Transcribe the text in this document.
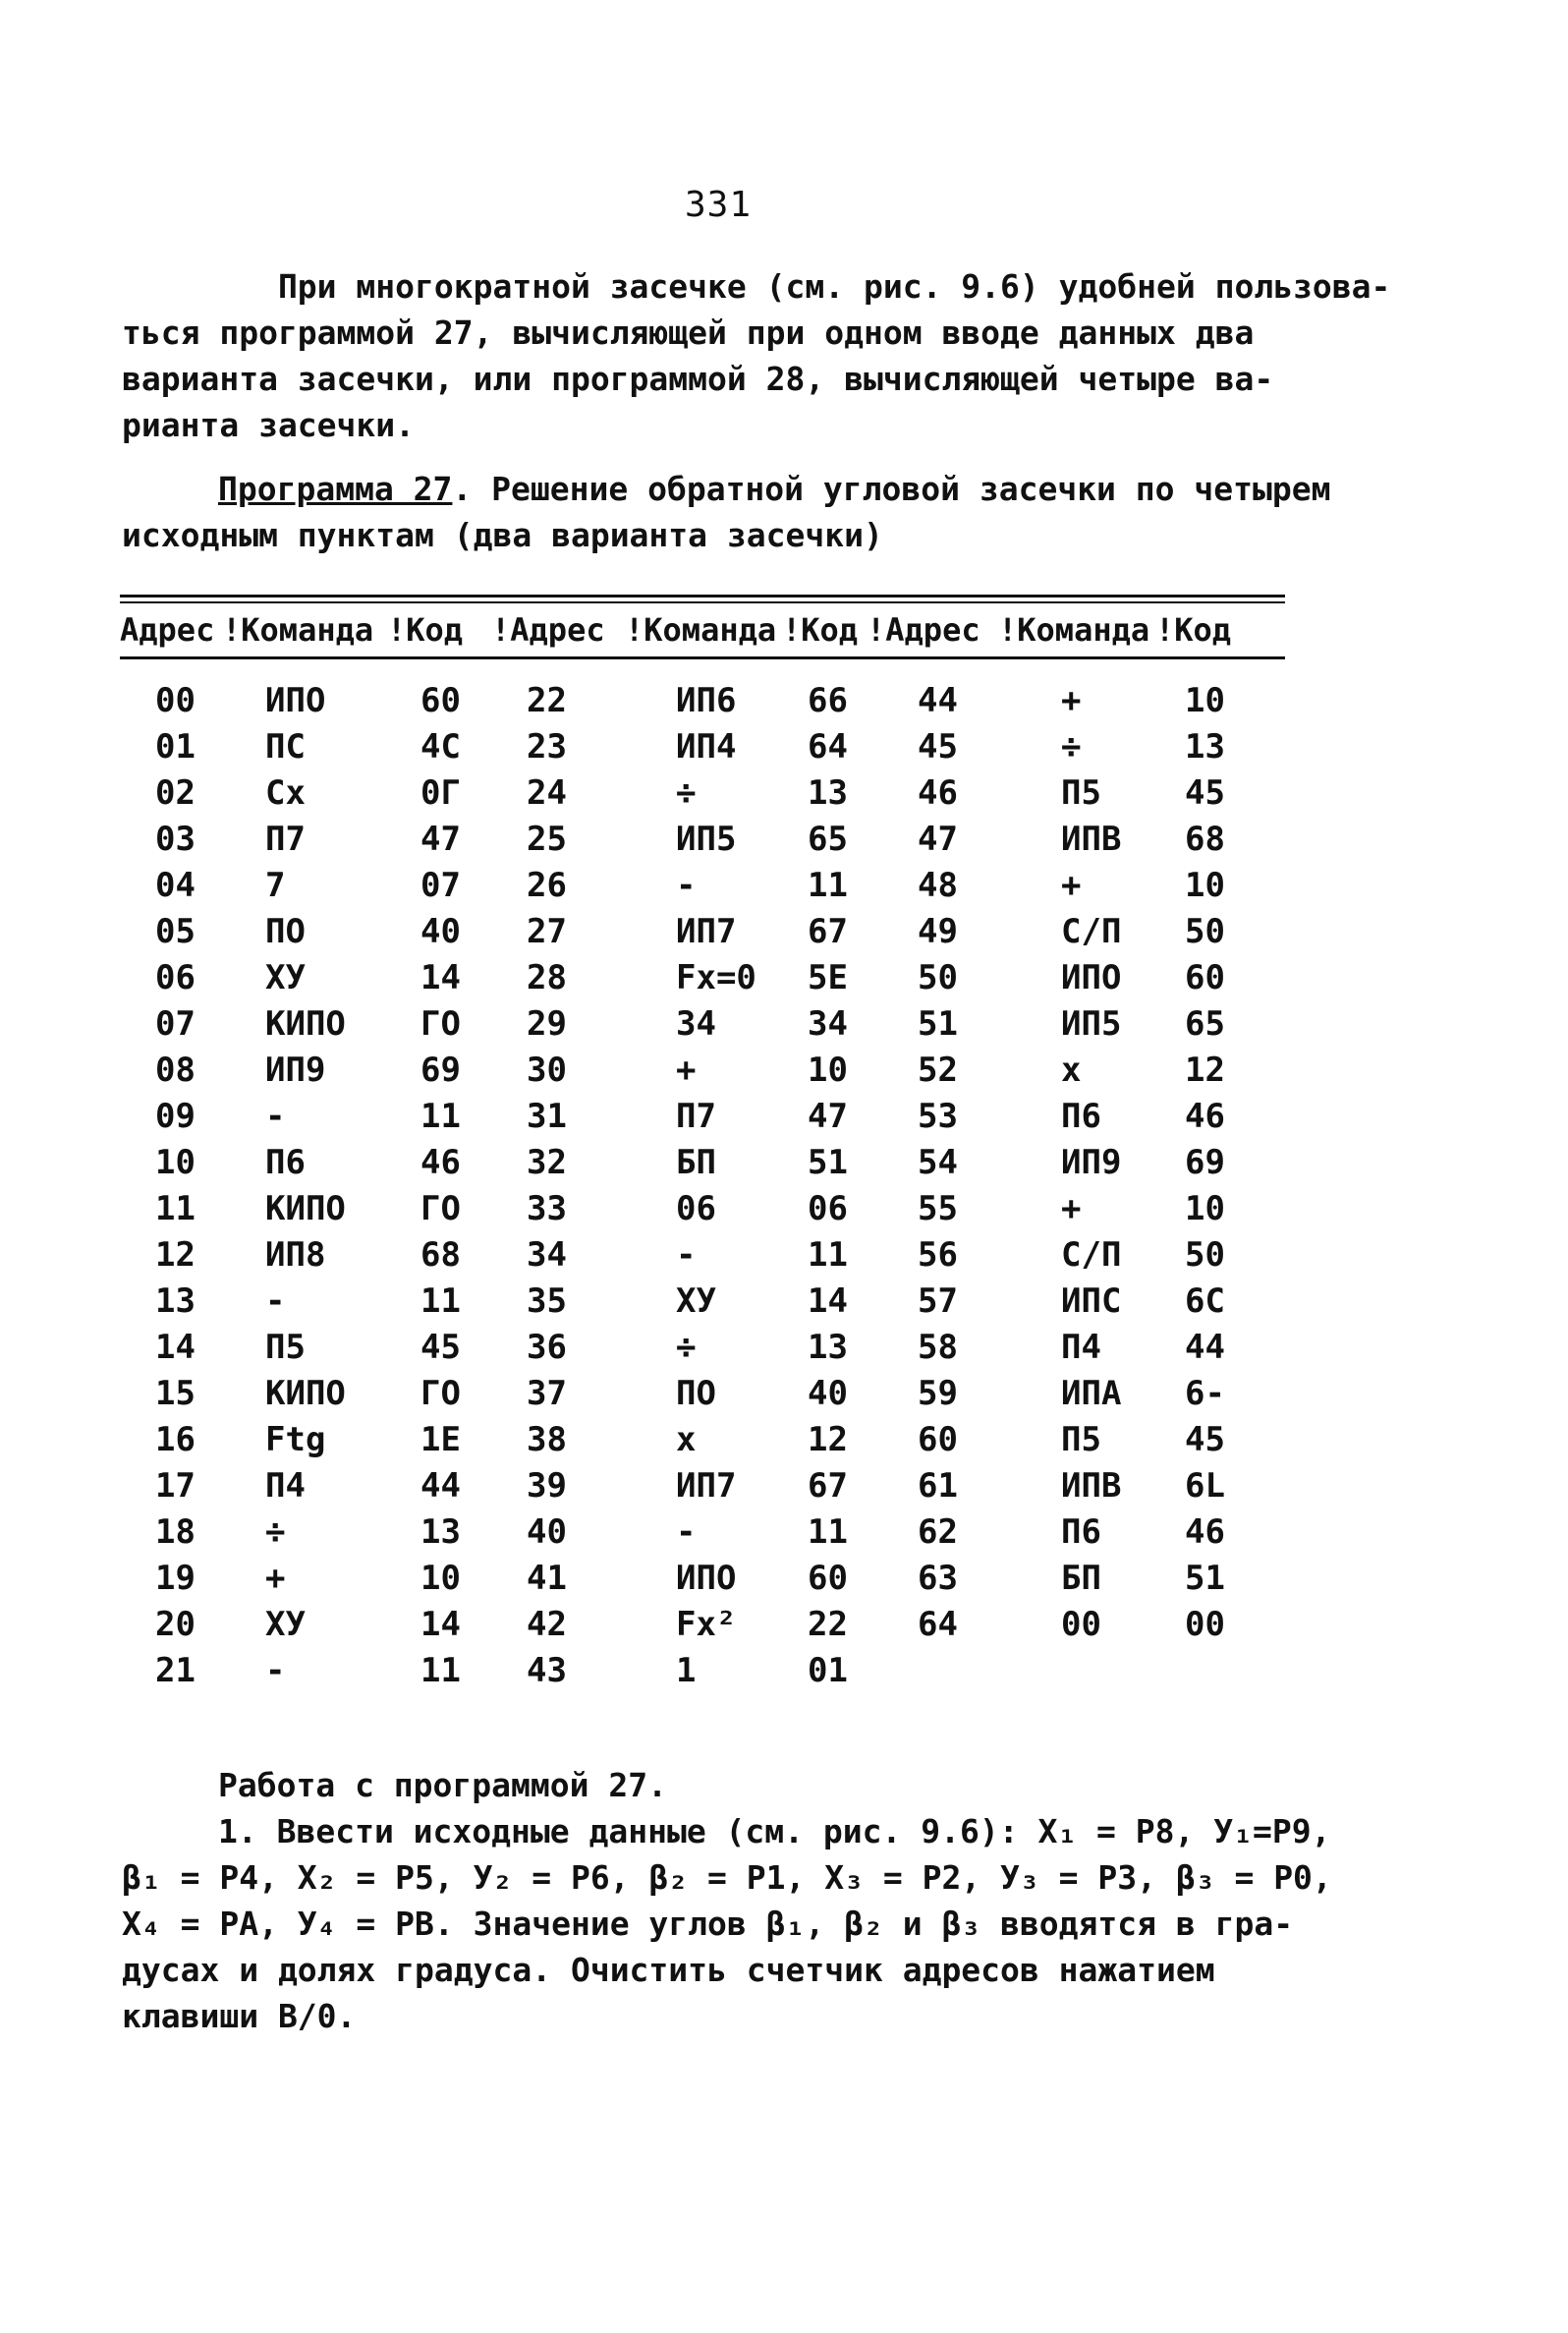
331
При многократной засечке (см. рис. 9.6) удобней пользова-
ться программой 27, вычисляющей при одном вводе данных два
варианта засечки, или программой 28, вычисляющей четыре ва-
рианта засечки.
Программа 27. Решение обратной угловой засечки по четырем
исходным пунктам (два варианта засечки)
Адрес !Команда !Код !Адрес !Команда !Код !Адрес !Команда !Код
00 ИПО	60 22	ИП6 66 44	+	10
01 ПС	4С 23	ИП4 64 45	÷	13
02 Сх	0Г 24	÷	13 46	П5	45
03 П7	47 25	ИП5 65 47	ИПВ 68
04 7	07 26	-	11 48	+	10
05 ПО	40 27	ИП7 67 49	С/П 50
06 ХУ	14 28	Fx=0 5Е 50	ИПО 60
07 КИПО ГО 29	34	34 51	ИП5 65
08 ИП9	69 30	+	10 52	х	12
09 -	11 31	П7	47 53	П6	46
10 П6	46 32	БП	51 54	ИП9 69
11 КИПО ГО 33	06	06 55	+	10
12 ИП8	68 34	-	11 56	С/П 50
13 -	11 35	ХУ	14 57	ИПС 6С
14 П5	45 36	÷	13 58	П4	44
15 КИПО ГО 37	ПО	40 59	ИПА 6-
16 Ftg	1Е 38	х	12 60	П5	45
17 П4	44 39	ИП7 67 61	ИПВ 6L
18 ÷	13 40	-	11 62	П6	46
19 +	10 41	ИПО 60 63	БП	51
20 ХУ	14 42	Fx² 22 64	00	00
21 -	11 43	1	01
Работа с программой 27.
1. Ввести исходные данные (см. рис. 9.6): X₁ = Р8, У₁=Р9,
β₁ = Р4, X₂ = Р5, У₂ = Р6, β₂ = Р1, X₃ = Р2, У₃ = Р3, β₃ = Р0,
X₄ = РА, У₄ = РВ. Значение углов β₁, β₂ и β₃ вводятся в гра-
дусах и долях градуса. Очистить счетчик адресов нажатием
клавиши В/0.
